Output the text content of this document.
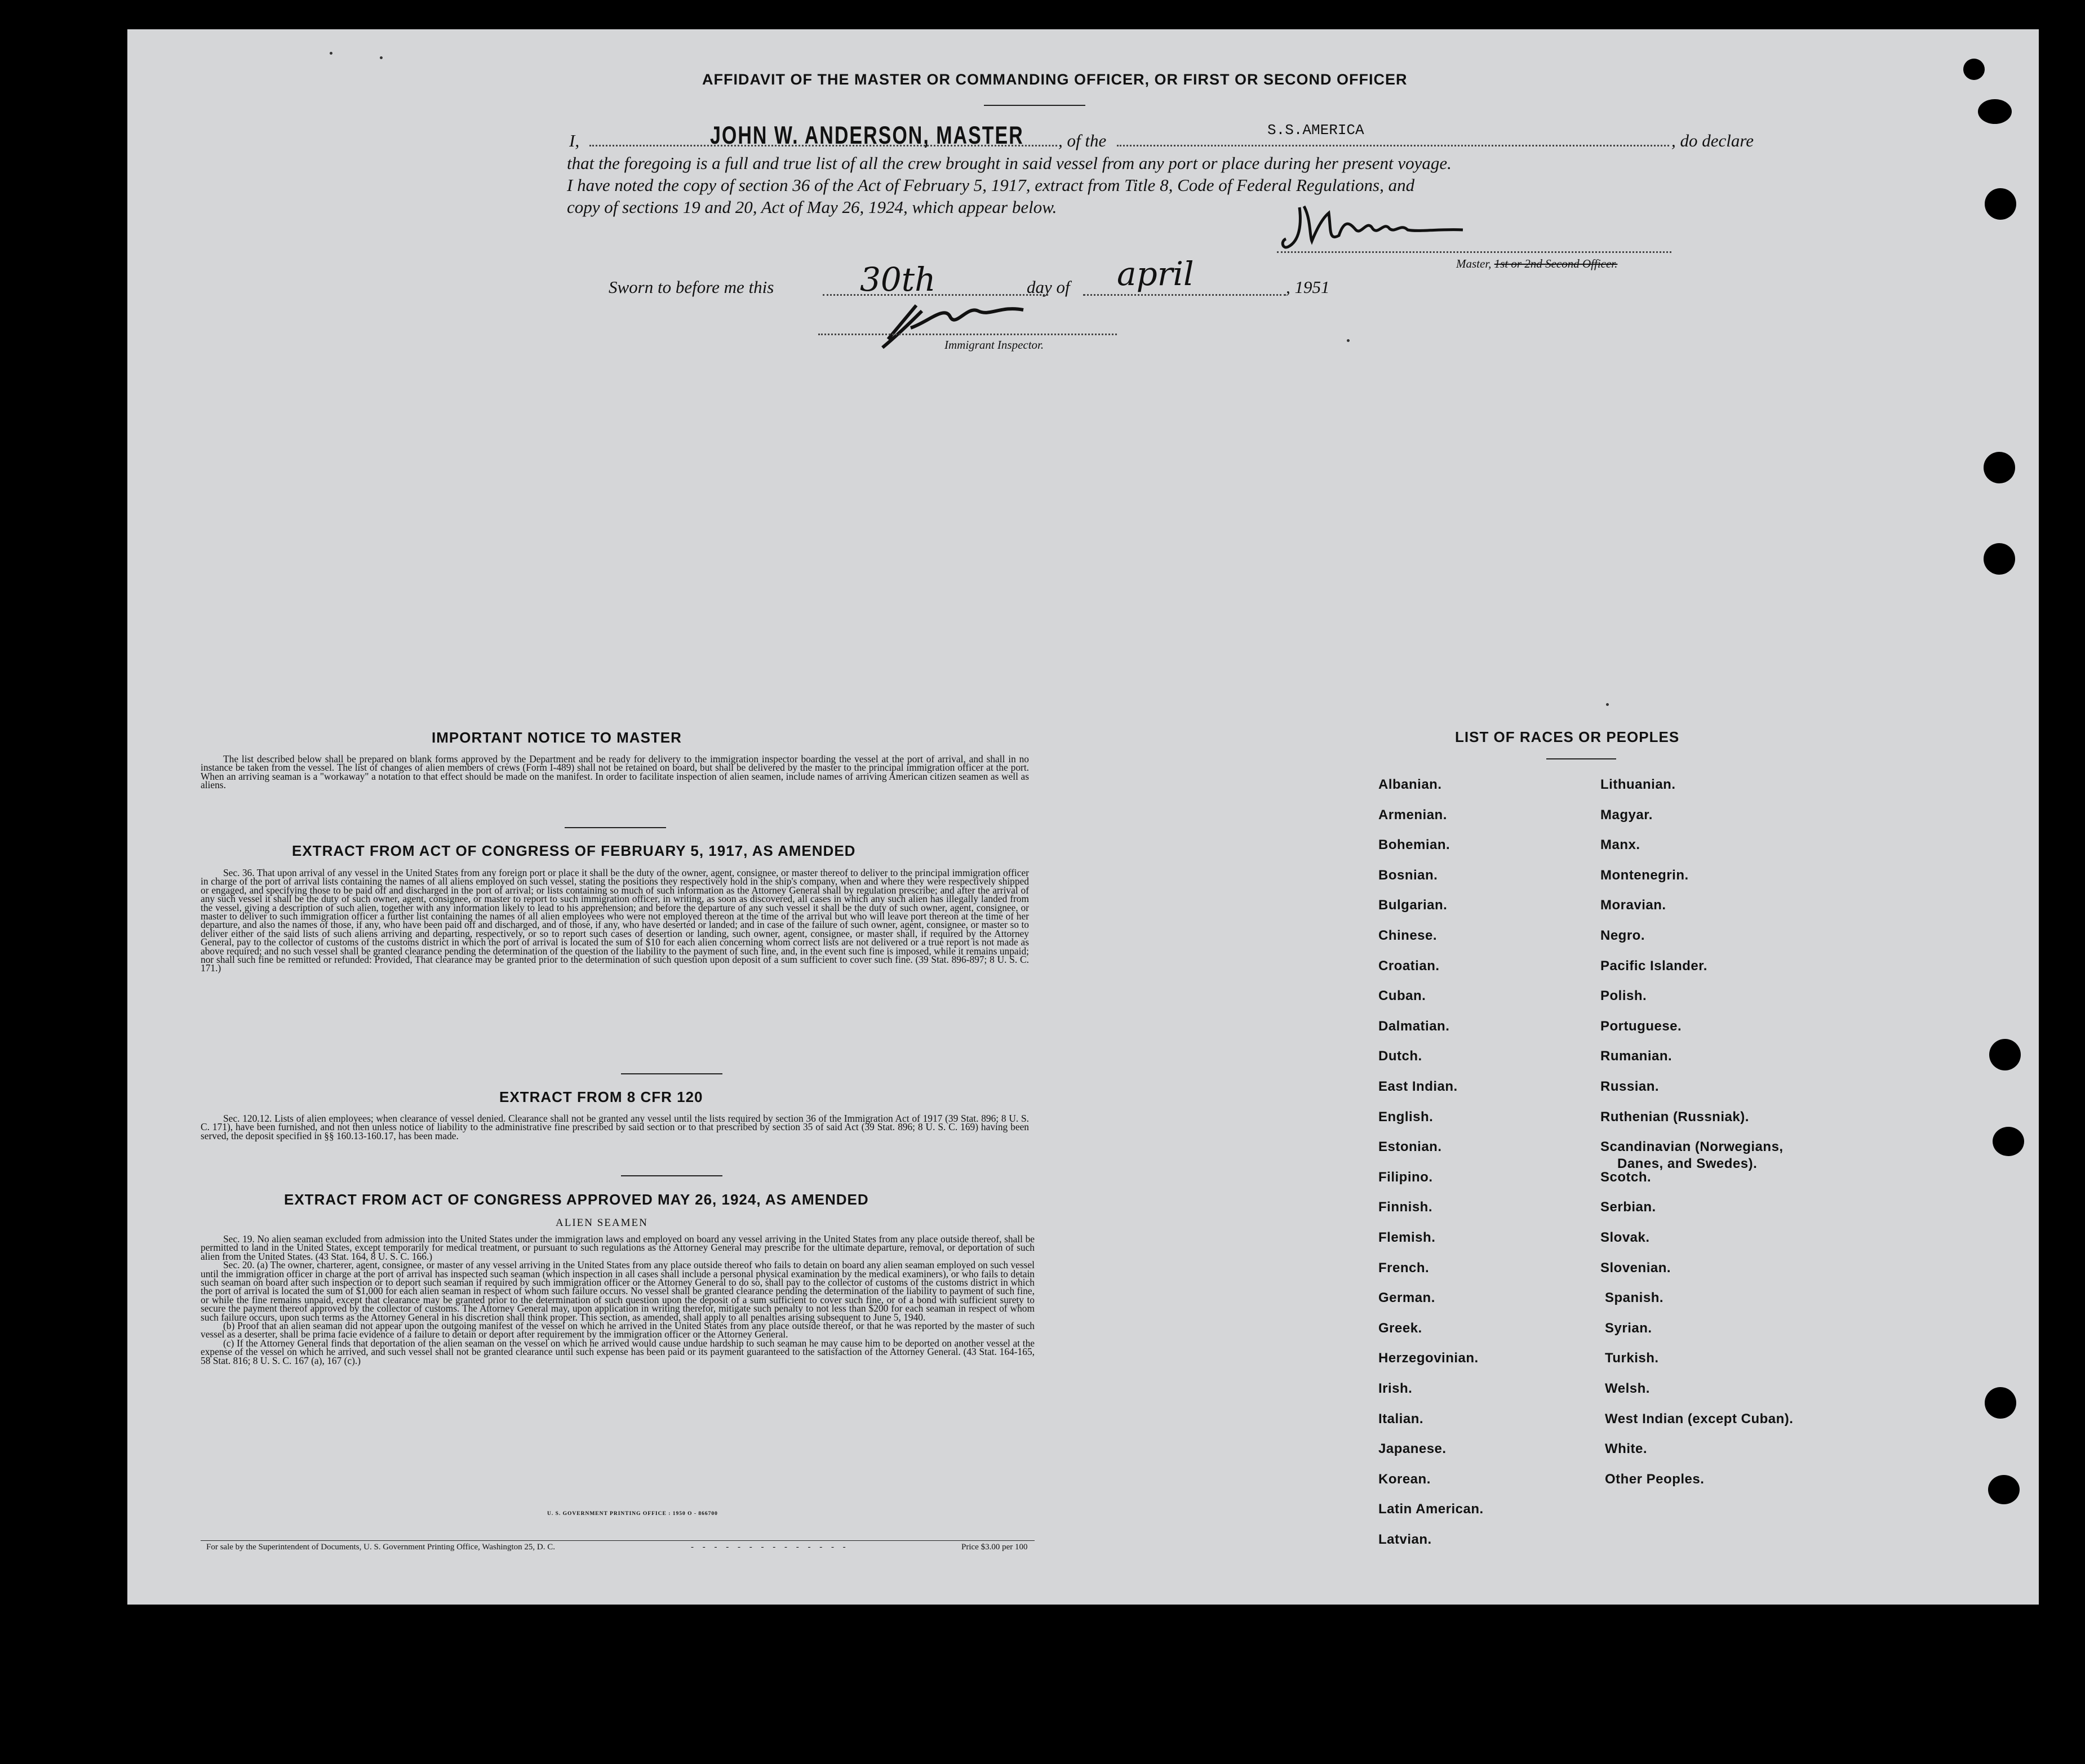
AFFIDAVIT OF THE MASTER OR COMMANDING OFFICER, OR FIRST OR SECOND OFFICER
I,	JOHN W. ANDERSON, MASTER , of the
S.S.AMERICA
, do declare
that the foregoing is a full and true list of all the crew brought in said vessel from any port or place during her present voyage.
I have noted the copy of section 36 of the Act of February 5, 1917, extract from Title 8, Code of Federal Regulations, and
copy of sections 19 and 20, Act of May 26, 1924, which appear below.
Master, 1st or 2nd Second Officer.
Sworn to before me this	30th	day of april	, 1951
Immigrant Inspector.
IMPORTANT NOTICE TO MASTER

The list described below shall be prepared on blank forms approved by the Department and be ready for delivery to the immigration inspector boarding the vessel at the port of arrival, and shall in no instance be taken from the vessel. The list of changes of alien members of crews (Form I-489) shall not be retained on board, but shall be delivered by the master to the principal immigration officer at the port. When an arriving seaman is a "workaway" a notation to that effect should be made on the manifest. In order to facilitate inspection of alien seamen, include names of arriving American citizen seamen as well as aliens.

EXTRACT FROM ACT OF CONGRESS OF FEBRUARY 5, 1917, AS AMENDED

Sec. 36. That upon arrival of any vessel in the United States from any foreign port or place it shall be the duty of the owner, agent, consignee, or master thereof to deliver to the principal immigration officer in charge of the port of arrival lists containing the names of all aliens employed on such vessel, stating the positions they respectively hold in the ship's company, when and where they were respectively shipped or engaged, and specifying those to be paid off and discharged in the port of arrival; or lists containing so much of such information as the Attorney General shall by regulation prescribe; and after the arrival of any such vessel it shall be the duty of such owner, agent, consignee, or master to report to such immigration officer, in writing, as soon as discovered, all cases in which any such alien has illegally landed from the vessel, giving a description of such alien, together with any information likely to lead to his apprehension; and before the departure of any such vessel it shall be the duty of such owner, agent, consignee, or master to deliver to such immigration officer a further list containing the names of all alien employees who were not employed thereon at the time of the arrival but who will leave port thereon at the time of her departure, and also the names of those, if any, who have been paid off and discharged, and of those, if any, who have deserted or landed; and in case of the failure of such owner, agent, consignee, or master so to deliver either of the said lists of such aliens arriving and departing, respectively, or so to report such cases of desertion or landing, such owner, agent, consignee, or master shall, if required by the Attorney General, pay to the collector of customs of the customs district in which the port of arrival is located the sum of $10 for each alien concerning whom correct lists are not delivered or a true report is not made as above required; and no such vessel shall be granted clearance pending the determination of the question of the liability to the payment of such fine, and, in the event such fine is imposed, while it remains unpaid; nor shall such fine be remitted or refunded: Provided, That clearance may be granted prior to the determination of such question upon deposit of a sum sufficient to cover such fine. (39 Stat. 896-897; 8 U. S. C. 171.)

EXTRACT FROM 8 CFR 120

Sec. 120.12. Lists of alien employees; when clearance of vessel denied. Clearance shall not be granted any vessel until the lists required by section 36 of the Immigration Act of 1917 (39 Stat. 896; 8 U. S. C. 171), have been furnished, and not then unless notice of liability to the administrative fine prescribed by said section or to that prescribed by section 35 of said Act (39 Stat. 896; 8 U. S. C. 169) having been served, the deposit specified in §§ 160.13-160.17, has been made.

EXTRACT FROM ACT OF CONGRESS APPROVED MAY 26, 1924, AS AMENDED
ALIEN SEAMEN

Sec. 19. No alien seaman excluded from admission into the United States under the immigration laws and employed on board any vessel arriving in the United States from any place outside thereof, shall be permitted to land in the United States, except temporarily for medical treatment, or pursuant to such regulations as the Attorney General may prescribe for the ultimate departure, removal, or deportation of such alien from the United States. (43 Stat. 164, 8 U. S. C. 166.)

Sec. 20. (a) The owner, charterer, agent, consignee, or master of any vessel arriving in the United States from any place outside thereof who fails to detain on board any alien seaman employed on such vessel until the immigration officer in charge at the port of arrival has inspected such seaman (which inspection in all cases shall include a personal physical examination by the medical examiners), or who fails to detain such seaman on board after such inspection or to deport such seaman if required by such immigration officer or the Attorney General to do so, shall pay to the collector of customs of the customs district in which the port of arrival is located the sum of $1,000 for each alien seaman in respect of whom such failure occurs. No vessel shall be granted clearance pending the determination of the liability to payment of such fine, or while the fine remains unpaid, except that clearance may be granted prior to the determination of such question upon the deposit of a sum sufficient to cover such fine, or of a bond with sufficient surety to secure the payment thereof approved by the collector of customs. The Attorney General may, upon application in writing therefor, mitigate such penalty to not less than $200 for each seaman in respect of whom such failure occurs, upon such terms as the Attorney General in his discretion shall think proper. This section, as amended, shall apply to all penalties arising subsequent to June 5, 1940.

(b) Proof that an alien seaman did not appear upon the outgoing manifest of the vessel on which he arrived in the United States from any place outside thereof, or that he was reported by the master of such vessel as a deserter, shall be prima facie evidence of a failure to detain or deport after requirement by the immigration officer or the Attorney General.

(c) If the Attorney General finds that deportation of the alien seaman on the vessel on which he arrived would cause undue hardship to such seaman he may cause him to be deported on another vessel at the expense of the vessel on which he arrived, and such vessel shall not be granted clearance until such expense has been paid or its payment guaranteed to the satisfaction of the Attorney General. (43 Stat. 164-165, 58 Stat. 816; 8 U. S. C. 167 (a), 167 (c).)

U. S. GOVERNMENT PRINTING OFFICE : 1950 O - 866700
For sale by the Superintendent of Documents, U. S. Government Printing Office, Washington 25, D. C.	- - - - - - - - - - - - - -	Price $3.00 per 100
LIST OF RACES OR PEOPLES
Albanian.
Armenian.
Bohemian.
Bosnian.
Bulgarian.
Chinese.
Croatian.
Cuban.
Dalmatian.
Dutch.
East Indian.
English.
Estonian.
Filipino.
Finnish.
Flemish.
French.
German.
Greek.
Herzegovinian.
Irish.
Italian.
Japanese.
Korean.
Latin American.
Latvian.
Lithuanian.
Magyar.
Manx.
Montenegrin.
Moravian.
Negro.
Pacific Islander.
Polish.
Portuguese.
Rumanian.
Russian.
Ruthenian (Russniak).
Scandinavian (Norwegians,
Danes, and Swedes).
Scotch.
Serbian.
Slovak.
Slovenian.
Spanish.
Syrian.
Turkish.
Welsh.
West Indian (except Cuban).
White.
Other Peoples.
